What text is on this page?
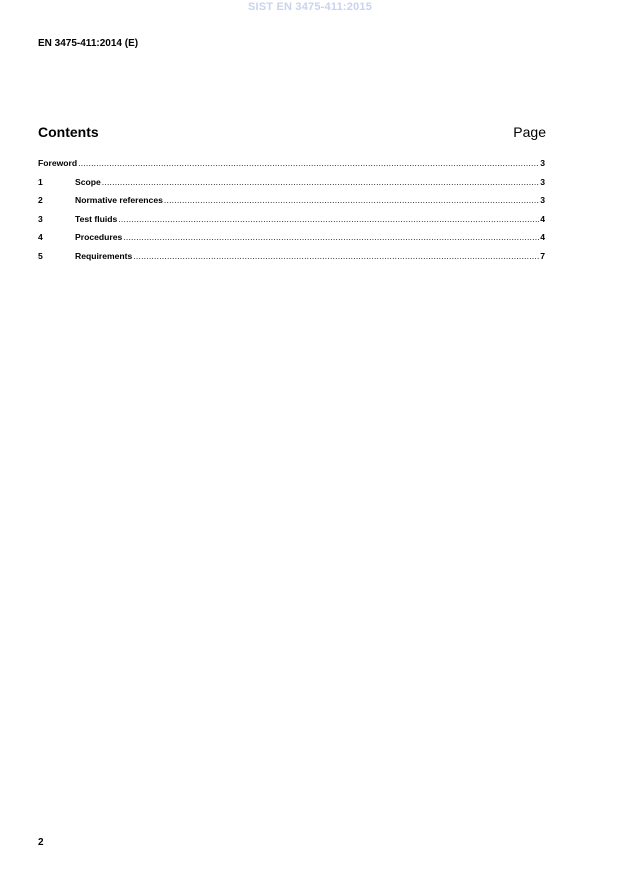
SIST EN 3475-411:2015
EN 3475-411:2014 (E)
Contents	Page
Foreword .....	3
1	Scope .....	3
2	Normative references .....	3
3	Test fluids .....	4
4	Procedures .....	4
5	Requirements .....	7
2
